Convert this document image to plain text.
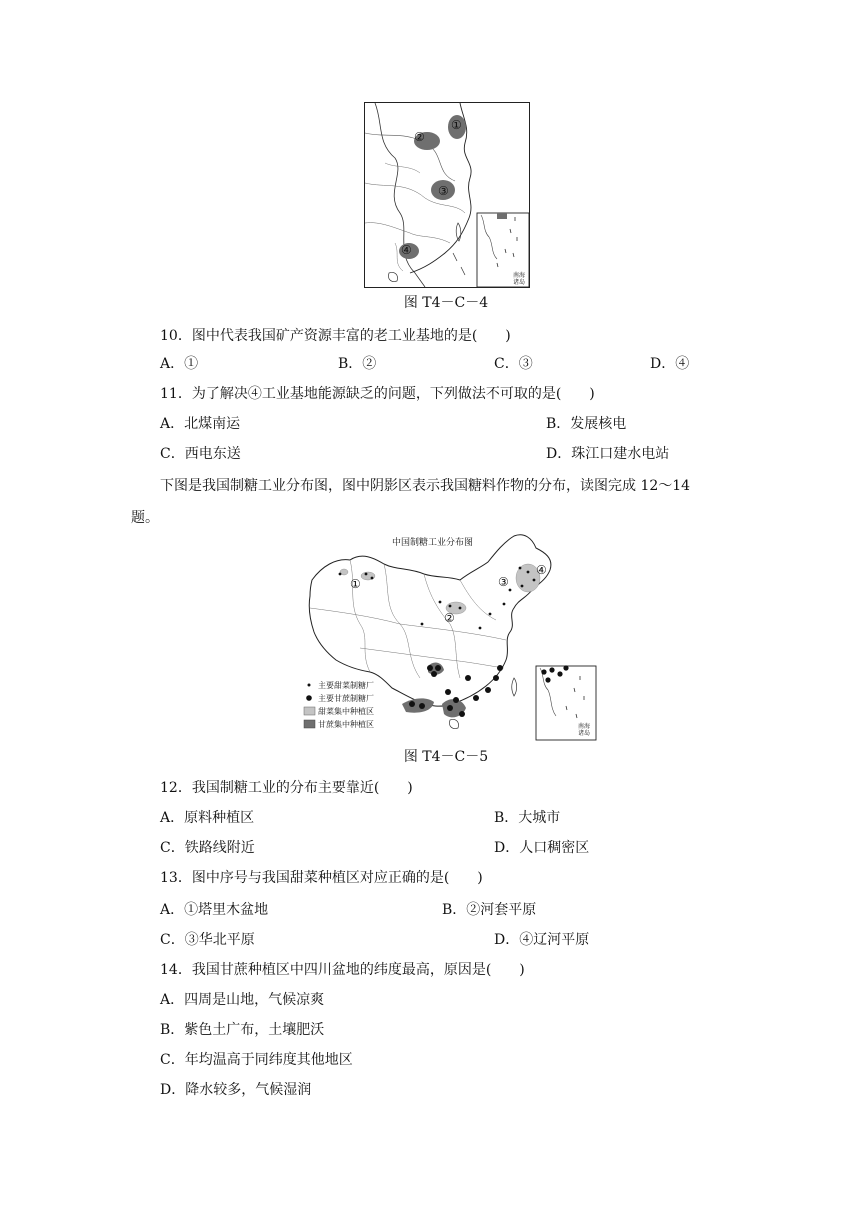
①
②
③
④
南海
诸岛
图 T4－C－4
10．图中代表我国矿产资源丰富的老工业基地的是(　　)
A．①	B．②	C．③	D．④
11．为了解决④工业基地能源缺乏的问题，下列做法不可取的是(　　)
A．北煤南运	B．发展核电
C．西电东送	D．珠江口建水电站
下图是我国制糖工业分布图，图中阴影区表示我国糖料作物的分布，读图完成 12～14
题。
中国制糖工业分布图
①
②
③
④
主要甜菜制糖厂
主要甘蔗制糖厂
甜菜集中种植区
甘蔗集中种植区	南海
诸岛
图 T4－C－5
12．我国制糖工业的分布主要靠近(　　)
A．原料种植区	B．大城市
C．铁路线附近	D．人口稠密区
13．图中序号与我国甜菜种植区对应正确的是(　　)
A．①塔里木盆地	B．②河套平原
C．③华北平原	D．④辽河平原
14．我国甘蔗种植区中四川盆地的纬度最高，原因是(　　)
A．四周是山地，气候凉爽
B．紫色土广布，土壤肥沃
C．年均温高于同纬度其他地区
D．降水较多，气候湿润
